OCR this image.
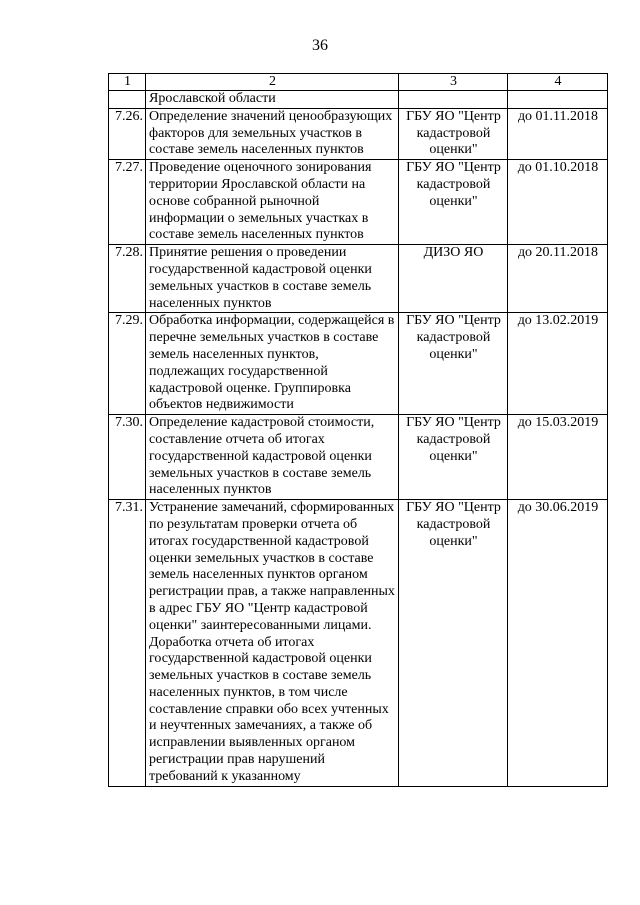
36
1	2	3	4
	Ярославской области		
7.26.	Определение значений ценообразующих факторов для земельных участков в составе земель населенных пунктов	ГБУ ЯО "Центр кадастровой оценки"	до 01.11.2018
7.27.	Проведение оценочного зонирования территории Ярославской области на основе собранной рыночной информации о земельных участках в составе земель населенных пунктов	ГБУ ЯО "Центр кадастровой оценки"	до 01.10.2018
7.28.	Принятие решения о проведении государственной кадастровой оценки земельных участков в составе земель населенных пунктов	ДИЗО ЯО	до 20.11.2018
7.29.	Обработка информации, содержащейся в перечне земельных участков в составе земель населенных пунктов, подлежащих государственной кадастровой оценке. Группировка объектов недвижимости	ГБУ ЯО "Центр кадастровой оценки"	до 13.02.2019
7.30.	Определение кадастровой стоимости, составление отчета об итогах государственной кадастровой оценки земельных участков в составе земель населенных пунктов	ГБУ ЯО "Центр кадастровой оценки"	до 15.03.2019
7.31.	Устранение замечаний, сформированных по результатам проверки отчета об итогах государственной кадастровой оценки земельных участков в составе земель населенных пунктов органом регистрации прав, а также направленных в адрес ГБУ ЯО "Центр кадастровой оценки" заинтересованными лицами. Доработка отчета об итогах государственной кадастровой оценки земельных участков в составе земель населенных пунктов, в том числе составление справки обо всех учтенных и неучтенных замечаниях, а также об исправлении выявленных органом регистрации прав нарушений требований к указанному	ГБУ ЯО "Центр кадастровой оценки"	до 30.06.2019
